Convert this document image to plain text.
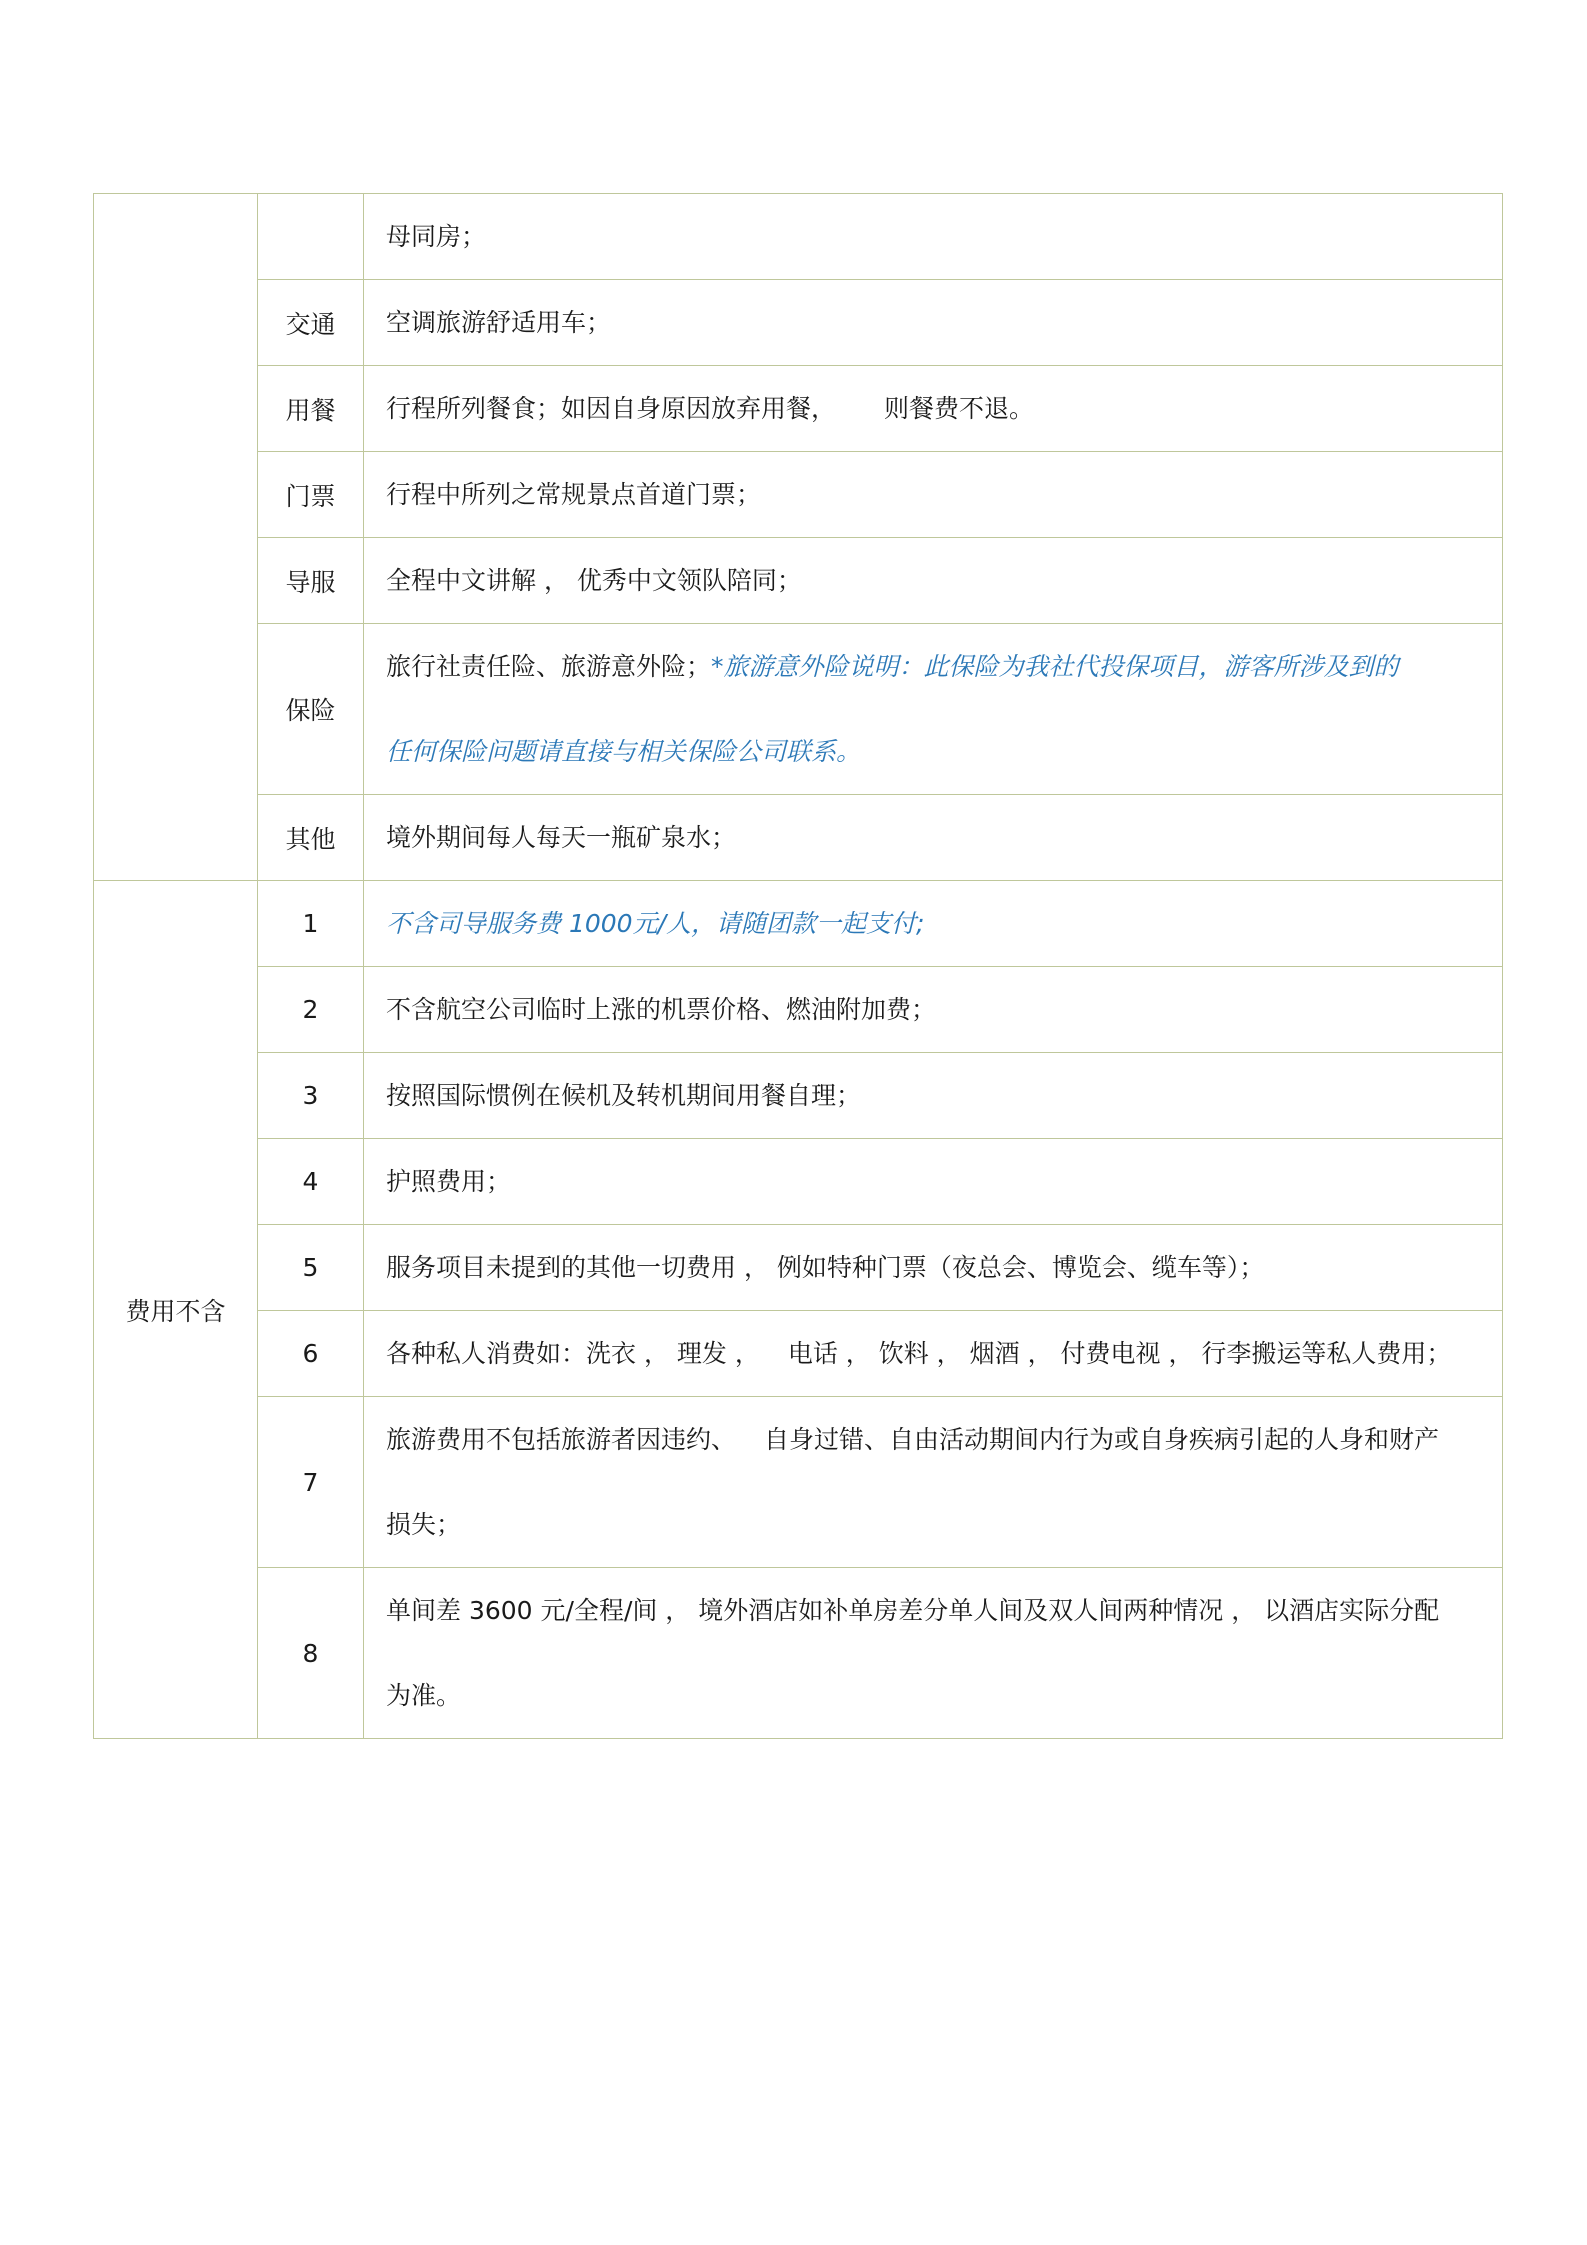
		母同房；

	交通	空调旅游舒适用车；

	用餐	行程所列餐食；如因自身原因放弃用餐， 则餐费不退。

	门票	行程中所列之常规景点首道门票；

	导服	全程中文讲解 ， 优秀中文领队陪同；

	保险	旅行社责任险、旅游意外险；*旅游意外险说明：此保险为我社代投保项目，游客所涉及到的
任何保险问题请直接与相关保险公司联系。

	其他	境外期间每人每天一瓶矿泉水；

费用不含	1	不含司导服务费 1000元/人，请随团款一起支付;

	2	不含航空公司临时上涨的机票价格、燃油附加费；

	3	按照国际惯例在候机及转机期间用餐自理；

	4	护照费用；

	5	服务项目未提到的其他一切费用 ， 例如特种门票（夜总会、博览会、缆车等）；

	6	各种私人消费如：洗衣 ， 理发 ， 电话 ， 饮料 ， 烟酒 ， 付费电视 ， 行李搬运等私人费用；

	7	旅游费用不包括旅游者因违约、 自身过错、自由活动期间内行为或自身疾病引起的人身和财产
损失；

	8	单间差 3600 元/全程/间 ， 境外酒店如补单房差分单人间及双人间两种情况 ， 以酒店实际分配
为准。
